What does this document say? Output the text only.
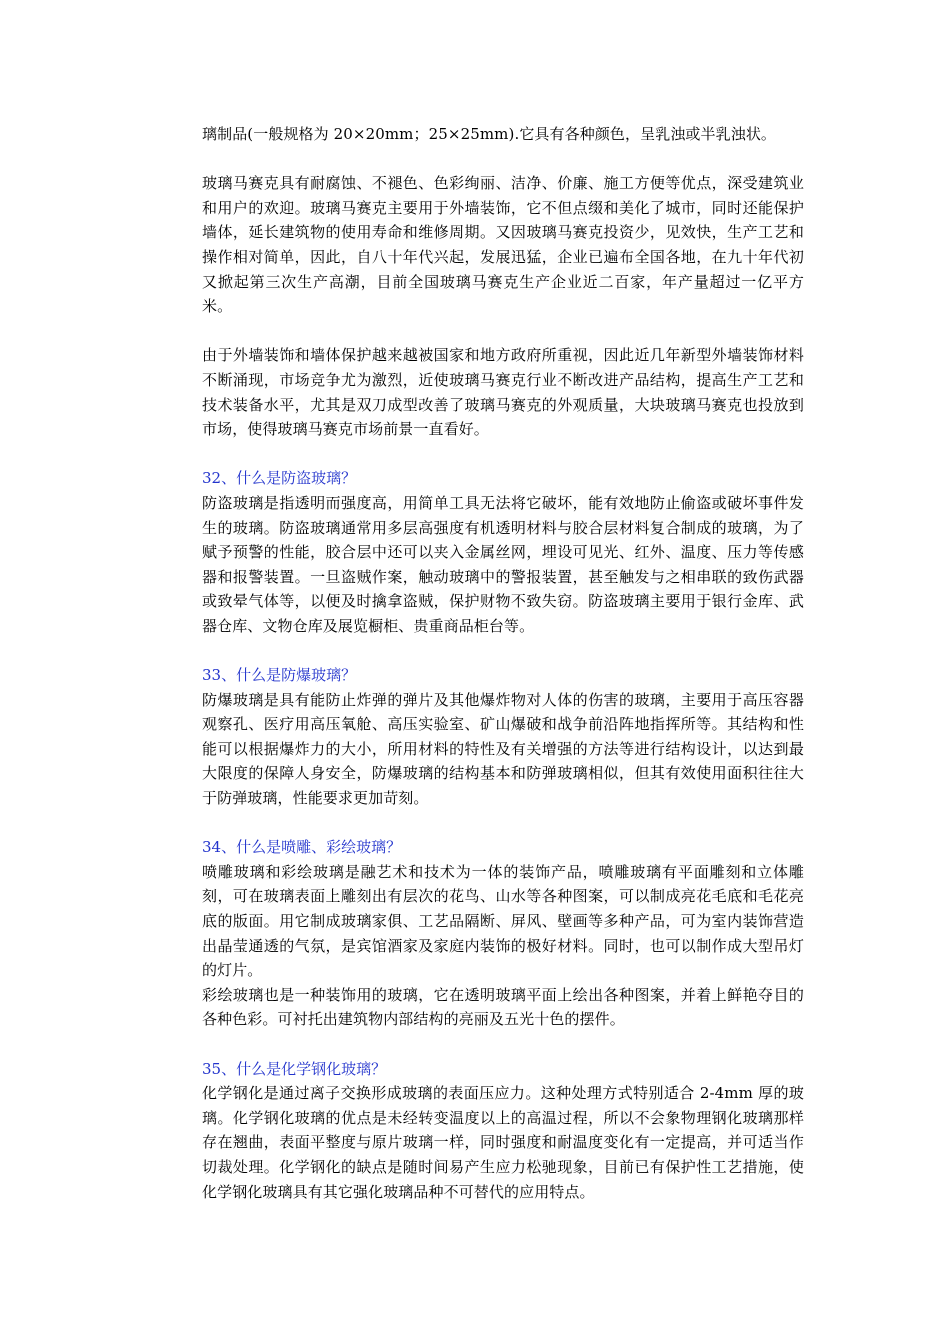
璃制品(一般规格为 20×20mm；25×25mm).它具有各种颜色，呈乳浊或半乳浊状。

玻璃马赛克具有耐腐蚀、不褪色、色彩绚丽、洁净、价廉、施工方便等优点，深受建筑业和用户的欢迎。玻璃马赛克主要用于外墙装饰，它不但点缀和美化了城市，同时还能保护墙体，延长建筑物的使用寿命和维修周期。又因玻璃马赛克投资少，见效快，生产工艺和操作相对简单，因此，自八十年代兴起，发展迅猛，企业已遍布全国各地，在九十年代初又掀起第三次生产高潮，目前全国玻璃马赛克生产企业近二百家，年产量超过一亿平方米。

由于外墙装饰和墙体保护越来越被国家和地方政府所重视，因此近几年新型外墙装饰材料不断涌现，市场竞争尤为激烈，近使玻璃马赛克行业不断改进产品结构，提高生产工艺和技术装备水平，尤其是双刀成型改善了玻璃马赛克的外观质量，大块玻璃马赛克也投放到市场，使得玻璃马赛克市场前景一直看好。

32、什么是防盗玻璃？

防盗玻璃是指透明而强度高，用简单工具无法将它破坏，能有效地防止偷盗或破坏事件发生的玻璃。防盗玻璃通常用多层高强度有机透明材料与胶合层材料复合制成的玻璃，为了赋予预警的性能，胶合层中还可以夹入金属丝网，埋设可见光、红外、温度、压力等传感器和报警装置。一旦盗贼作案，触动玻璃中的警报装置，甚至触发与之相串联的致伤武器或致晕气体等，以便及时擒拿盗贼，保护财物不致失窃。防盗玻璃主要用于银行金库、武器仓库、文物仓库及展览橱柜、贵重商品柜台等。

33、什么是防爆玻璃？

防爆玻璃是具有能防止炸弹的弹片及其他爆炸物对人体的伤害的玻璃，主要用于高压容器观察孔、医疗用高压氧舱、高压实验室、矿山爆破和战争前沿阵地指挥所等。其结构和性能可以根据爆炸力的大小，所用材料的特性及有关增强的方法等进行结构设计，以达到最大限度的保障人身安全，防爆玻璃的结构基本和防弹玻璃相似，但其有效使用面积往往大于防弹玻璃，性能要求更加苛刻。

34、什么是喷雕、彩绘玻璃？

喷雕玻璃和彩绘玻璃是融艺术和技术为一体的装饰产品，喷雕玻璃有平面雕刻和立体雕刻，可在玻璃表面上雕刻出有层次的花鸟、山水等各种图案，可以制成亮花毛底和毛花亮底的版面。用它制成玻璃家俱、工艺品隔断、屏风、壁画等多种产品，可为室内装饰营造出晶莹通透的气氛，是宾馆酒家及家庭内装饰的极好材料。同时，也可以制作成大型吊灯的灯片。

彩绘玻璃也是一种装饰用的玻璃，它在透明玻璃平面上绘出各种图案，并着上鲜艳夺目的各种色彩。可衬托出建筑物内部结构的亮丽及五光十色的摆件。

35、什么是化学钢化玻璃？

化学钢化是通过离子交换形成玻璃的表面压应力。这种处理方式特别适合 2-4mm 厚的玻璃。化学钢化玻璃的优点是未经转变温度以上的高温过程，所以不会象物理钢化玻璃那样存在翘曲，表面平整度与原片玻璃一样，同时强度和耐温度变化有一定提高，并可适当作切裁处理。化学钢化的缺点是随时间易产生应力松驰现象，目前已有保护性工艺措施，使化学钢化玻璃具有其它强化玻璃品种不可替代的应用特点。
